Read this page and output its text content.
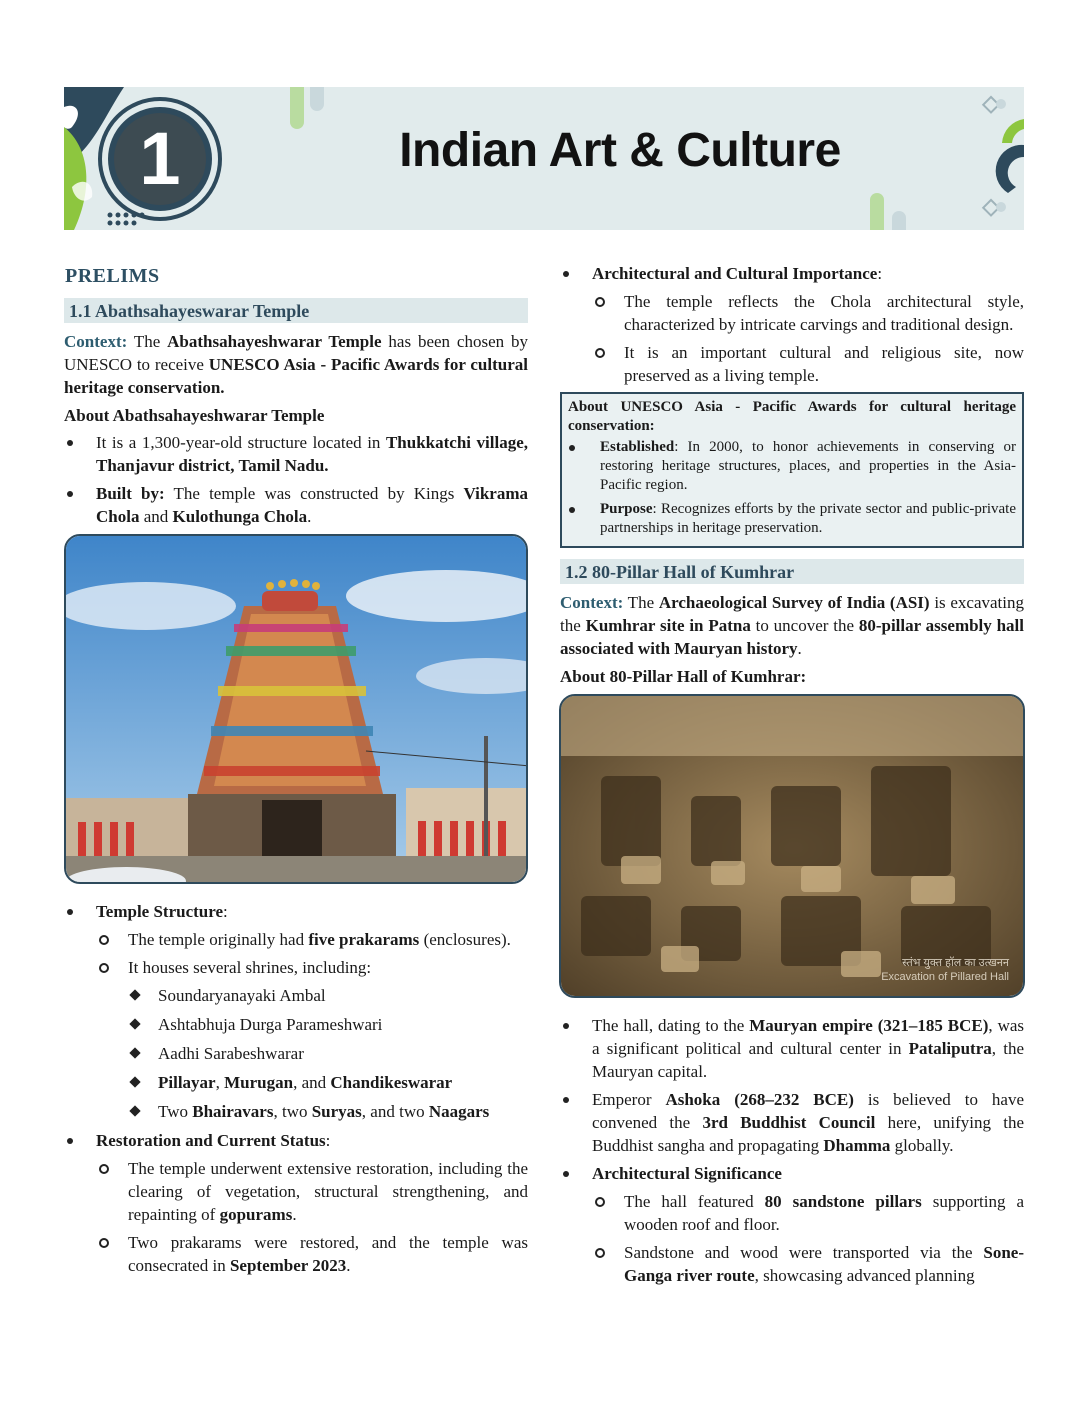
1	Indian Art & Culture
PRELIMS
1.1 Abathsahayeswarar Temple

Context: The Abathsahayeshwarar Temple has been chosen by UNESCO to receive UNESCO Asia - Pacific Awards for cultural heritage conservation.

About Abathsahayeshwarar Temple
It is a 1,300-year-old structure located in Thukkatchi village, Thanjavur district, Tamil Nadu.
Built by: The temple was constructed by Kings Vikrama Chola and Kulothunga Chola.
Temple Structure:
The temple originally had five prakarams (enclosures).
It houses several shrines, including:
Soundaryanayaki Ambal
Ashtabhuja Durga Parameshwari
Aadhi Sarabeshwarar
Pillayar, Murugan, and Chandikeswarar
Two Bhairavars, two Suryas, and two Naagars
Restoration and Current Status:
The temple underwent extensive restoration, including the clearing of vegetation, structural strengthening, and repainting of gopurams.
Two prakarams were restored, and the temple was consecrated in September 2023.
Architectural and Cultural Importance:
The temple reflects the Chola architectural style, characterized by intricate carvings and traditional design.
It is an important cultural and religious site, now preserved as a living temple.
About UNESCO Asia - Pacific Awards for cultural heritage conservation:
Established: In 2000, to honor achievements in conserving or restoring heritage structures, places, and properties in the Asia-Pacific region.
Purpose: Recognizes efforts by the private sector and public-private partnerships in heritage preservation.
1.2 80-Pillar Hall of Kumhrar

Context: The Archaeological Survey of India (ASI) is excavating the Kumhrar site in Patna to uncover the 80-pillar assembly hall associated with Mauryan history.

About 80-Pillar Hall of Kumhrar:
स्तंभ युक्त हॉल का उत्खनन
Excavation of Pillared Hall
The hall, dating to the Mauryan empire (321–185 BCE), was a significant political and cultural center in Pataliputra, the Mauryan capital.
Emperor Ashoka (268–232 BCE) is believed to have convened the 3rd Buddhist Council here, unifying the Buddhist sangha and propagating Dhamma globally.
Architectural Significance
The hall featured 80 sandstone pillars supporting a wooden roof and floor.
Sandstone and wood were transported via the Sone-Ganga river route, showcasing advanced planning
